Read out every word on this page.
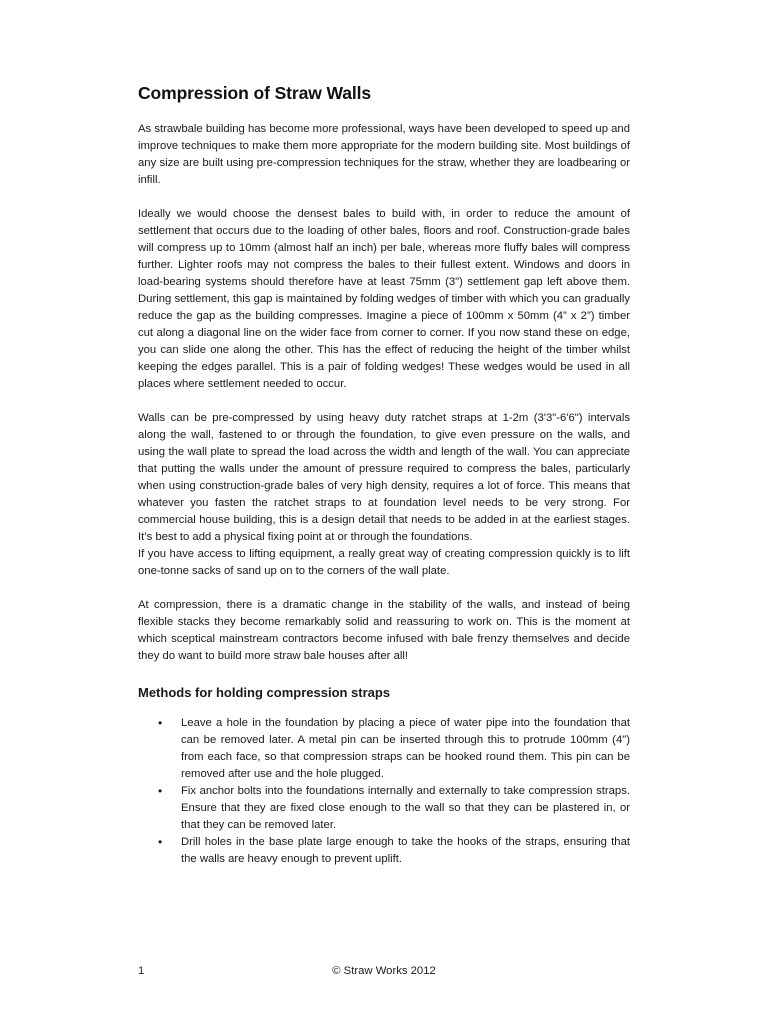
Compression of Straw Walls

As strawbale building has become more professional, ways have been developed to speed up and improve techniques to make them more appropriate for the modern building site. Most buildings of any size are built using pre-compression techniques for the straw, whether they are loadbearing or infill.

Ideally we would choose the densest bales to build with, in order to reduce the amount of settlement that occurs due to the loading of other bales, floors and roof. Construction-grade bales will compress up to 10mm (almost half an inch) per bale, whereas more fluffy bales will compress further. Lighter roofs may not compress the bales to their fullest extent. Windows and doors in load-bearing systems should therefore have at least 75mm (3") settlement gap left above them. During settlement, this gap is maintained by folding wedges of timber with which you can gradually reduce the gap as the building compresses. Imagine a piece of 100mm x 50mm (4” x 2”) timber cut along a diagonal line on the wider face from corner to corner. If you now stand these on edge, you can slide one along the other. This has the effect of reducing the height of the timber whilst keeping the edges parallel. This is a pair of folding wedges! These wedges would be used in all places where settlement needed to occur.

Walls can be pre-compressed by using heavy duty ratchet straps at 1-2m (3'3"-6'6") intervals along the wall, fastened to or through the foundation, to give even pressure on the walls, and using the wall plate to spread the load across the width and length of the wall. You can appreciate that putting the walls under the amount of pressure required to compress the bales, particularly when using construction-grade bales of very high density, requires a lot of force. This means that whatever you fasten the ratchet straps to at foundation level needs to be very strong. For commercial house building, this is a design detail that needs to be added in at the earliest stages. It’s best to add a physical fixing point at or through the foundations.

If you have access to lifting equipment, a really great way of creating compression quickly is to lift one-tonne sacks of sand up on to the corners of the wall plate.

At compression, there is a dramatic change in the stability of the walls, and instead of being flexible stacks they become remarkably solid and reassuring to work on. This is the moment at which sceptical mainstream contractors become infused with bale frenzy themselves and decide they do want to build more straw bale houses after all!

Methods for holding compression straps
• Leave a hole in the foundation by placing a piece of water pipe into the foundation that can be removed later. A metal pin can be inserted through this to protrude 100mm (4") from each face, so that compression straps can be hooked round them. This pin can be removed after use and the hole plugged.
• Fix anchor bolts into the foundations internally and externally to take compression straps. Ensure that they are fixed close enough to the wall so that they can be plastered in, or that they can be removed later.
• Drill holes in the base plate large enough to take the hooks of the straps, ensuring that the walls are heavy enough to prevent uplift.
1	© Straw Works 2012
